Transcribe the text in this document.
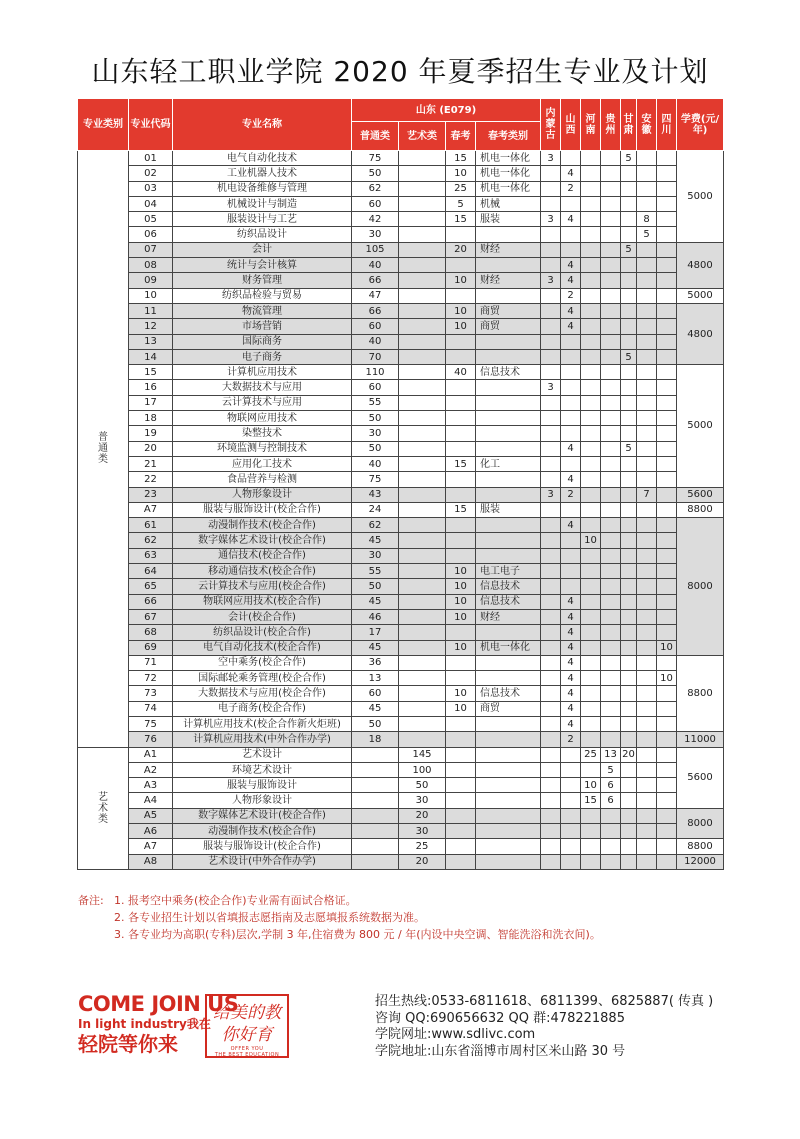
山东轻工职业学院 2020 年夏季招生专业及计划
专业类别	专业代码	专业名称	山东 (E079)				内蒙古	山西	河南	贵州	甘肃	安徽	四川	学费(元/年)
			普通类	艺术类	春考	春考类别								
普通类	01	电气自动化技术	75		15	机电一体化	3				5			5000
	02	工业机器人技术	50		10	机电一体化		4						
	03	机电设备维修与管理	62		25	机电一体化		2						
	04	机械设计与制造	60		5	机械								
	05	服装设计与工艺	42		15	服装	3	4				8		
	06	纺织品设计	30									5		
	07	会计	105		20	财经					5			4800
	08	统计与会计核算	40					4						
	09	财务管理	66		10	财经	3	4						
	10	纺织品检验与贸易	47					2						5000
	11	物流管理	66		10	商贸		4						4800
	12	市场营销	60		10	商贸		4						
	13	国际商务	40											
	14	电子商务	70								5			
	15	计算机应用技术	110		40	信息技术								5000
	16	大数据技术与应用	60				3							
	17	云计算技术与应用	55											
	18	物联网应用技术	50											
	19	染整技术	30											
	20	环境监测与控制技术	50					4			5			
	21	应用化工技术	40		15	化工								
	22	食品营养与检测	75					4						
	23	人物形象设计	43				3	2				7		5600
	A7	服装与服饰设计(校企合作)	24		15	服装								8800
	61	动漫制作技术(校企合作)	62					4						8000
	62	数字媒体艺术设计(校企合作)	45						10					
	63	通信技术(校企合作)	30											
	64	移动通信技术(校企合作)	55		10	电工电子								
	65	云计算技术与应用(校企合作)	50		10	信息技术								
	66	物联网应用技术(校企合作)	45		10	信息技术		4						
	67	会计(校企合作)	46		10	财经		4						
	68	纺织品设计(校企合作)	17					4						
	69	电气自动化技术(校企合作)	45		10	机电一体化		4					10	
	71	空中乘务(校企合作)	36					4						8800
	72	国际邮轮乘务管理(校企合作)	13					4					10	
	73	大数据技术与应用(校企合作)	60		10	信息技术		4						
	74	电子商务(校企合作)	45		10	商贸		4						
	75	计算机应用技术(校企合作新火炬班)	50					4						
	76	计算机应用技术(中外合作办学)	18					2						11000
艺术类	A1	艺术设计		145					25	13	20			5600
	A2	环境艺术设计		100						5				
	A3	服装与服饰设计		50					10	6				
	A4	人物形象设计		30					15	6				
	A5	数字媒体艺术设计(校企合作)		20										8000
	A6	动漫制作技术(校企合作)		30										
	A7	服装与服饰设计(校企合作)		25										8800
	A8	艺术设计(中外合作办学)		20										12000
备注: 1. 报考空中乘务(校企合作)专业需有面试合格证。
2. 各专业招生计划以省填报志愿指南及志愿填报系统数据为准。
3. 各专业均为高职(专科)层次,学制 3 年,住宿费为 800 元 / 年(内设中央空调、智能洗浴和洗衣间)。
COME JOIN US
In light industry我在
轻院等你来
给美的教 你好育
OFFER YOU
THE BEST EDUCATION
招生热线:0533-6811618、6811399、6825887( 传真 )
咨询 QQ:690656632 QQ 群:478221885
学院网址:www.sdlivc.com
学院地址:山东省淄博市周村区米山路 30 号
